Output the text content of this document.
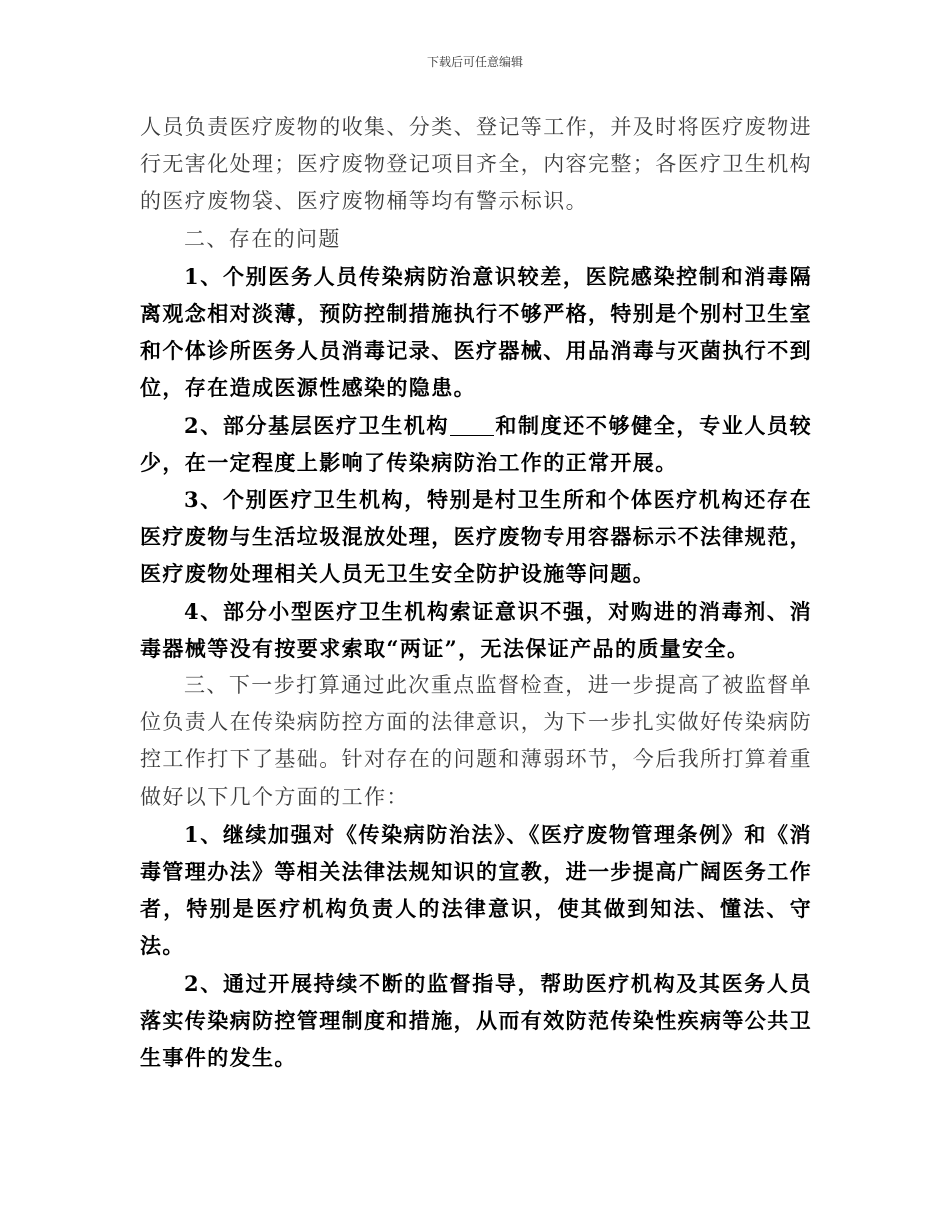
下载后可任意编辑

人员负责医疗废物的收集、分类、登记等工作，并及时将医疗废物进行无害化处理；医疗废物登记项目齐全，内容完整；各医疗卫生机构的医疗废物袋、医疗废物桶等均有警示标识。

二、存在的问题

1、个别医务人员传染病防治意识较差，医院感染控制和消毒隔离观念相对淡薄，预防控制措施执行不够严格，特别是个别村卫生室和个体诊所医务人员消毒记录、医疗器械、用品消毒与灭菌执行不到位，存在造成医源性感染的隐患。

2、部分基层医疗卫生机构 和制度还不够健全，专业人员较少，在一定程度上影响了传染病防治工作的正常开展。

3、个别医疗卫生机构，特别是村卫生所和个体医疗机构还存在医疗废物与生活垃圾混放处理，医疗废物专用容器标示不法律规范，医疗废物处理相关人员无卫生安全防护设施等问题。

4、部分小型医疗卫生机构索证意识不强，对购进的消毒剂、消毒器械等没有按要求索取“两证”，无法保证产品的质量安全。

三、下一步打算通过此次重点监督检查，进一步提高了被监督单位负责人在传染病防控方面的法律意识，为下一步扎实做好传染病防控工作打下了基础。针对存在的问题和薄弱环节，今后我所打算着重做好以下几个方面的工作：

1、继续加强对《传染病防治法》、《医疗废物管理条例》和《消毒管理办法》等相关法律法规知识的宣教，进一步提高广阔医务工作者，特别是医疗机构负责人的法律意识，使其做到知法、懂法、守法。

2、通过开展持续不断的监督指导，帮助医疗机构及其医务人员落实传染病防控管理制度和措施，从而有效防范传染性疾病等公共卫生事件的发生。
